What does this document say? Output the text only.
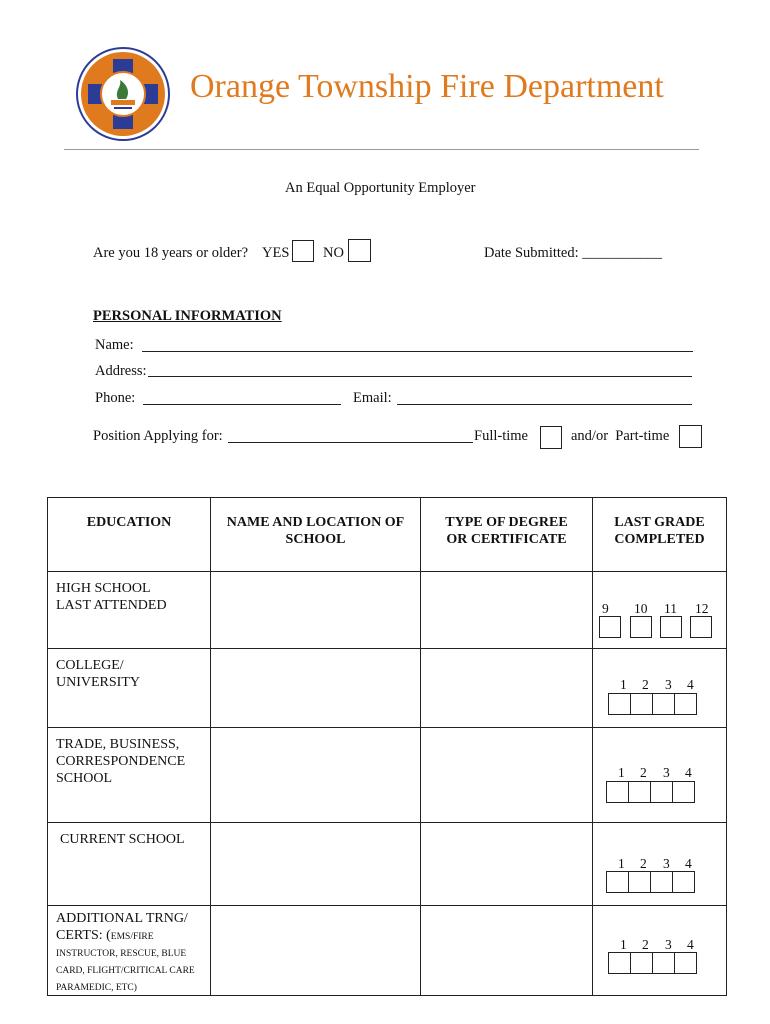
Orange Township Fire Department
An Equal Opportunity Employer
Are you 18 years or older? YES NO	Date Submitted: ___________
PERSONAL INFORMATION
Name:
Address:
Phone:	Email:
Position Applying for:	Full-time	and/or  Part-time
EDUCATION	NAME AND LOCATION OF SCHOOL	TYPE OF DEGREE OR CERTIFICATE	LAST GRADE COMPLETED

HIGH SCHOOL LAST ATTENDED			9 10 11 12

COLLEGE/ UNIVERSITY			1 2 3 4

TRADE, BUSINESS, CORRESPONDENCE SCHOOL			1 2 3 4

CURRENT SCHOOL			1 2 3 4

ADDITIONAL TRNG/ CERTS: (EMS/FIRE INSTRUCTOR, RESCUE, BLUE CARD, FLIGHT/CRITICAL CARE PARAMEDIC, ETC)			1 2 3 4
